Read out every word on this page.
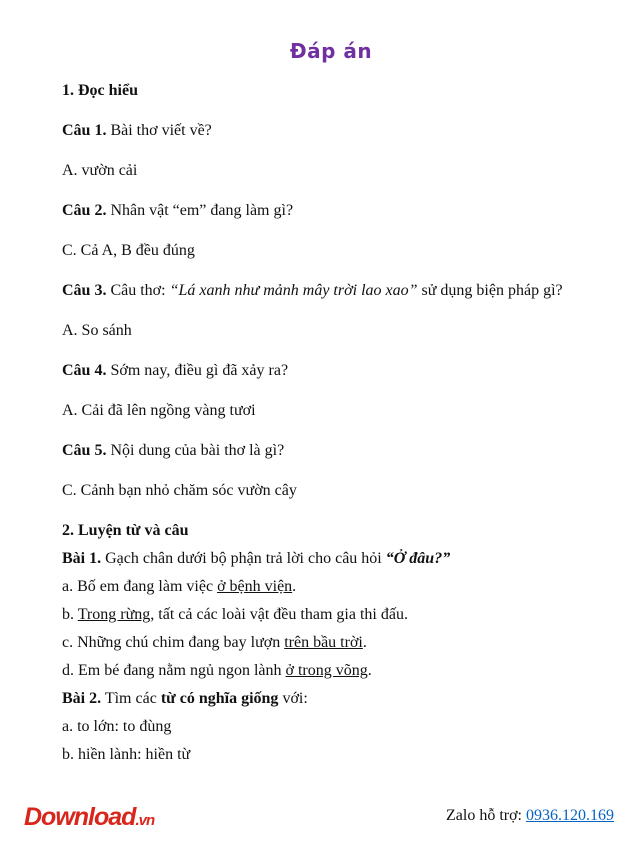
Đáp án

1. Đọc hiểu

Câu 1. Bài thơ viết về?

A. vườn cải

Câu 2. Nhân vật “em” đang làm gì?

C. Cả A, B đều đúng

Câu 3. Câu thơ: “Lá xanh như mảnh mây trời lao xao” sử dụng biện pháp gì?

A. So sánh

Câu 4. Sớm nay, điều gì đã xảy ra?

A. Cải đã lên ngồng vàng tươi

Câu 5. Nội dung của bài thơ là gì?

C. Cảnh bạn nhỏ chăm sóc vườn cây

2. Luyện từ và câu

Bài 1. Gạch chân dưới bộ phận trả lời cho câu hỏi “Ở đâu?”

a. Bố em đang làm việc ở bệnh viện.

b. Trong rừng, tất cả các loài vật đều tham gia thi đấu.

c. Những chú chim đang bay lượn trên bầu trời.

d. Em bé đang nằm ngủ ngon lành ở trong võng.

Bài 2. Tìm các từ có nghĩa giống với:

a. to lớn: to đùng

b. hiền lành: hiền từ

Download.vn	Zalo hỗ trợ: 0936.120.169
